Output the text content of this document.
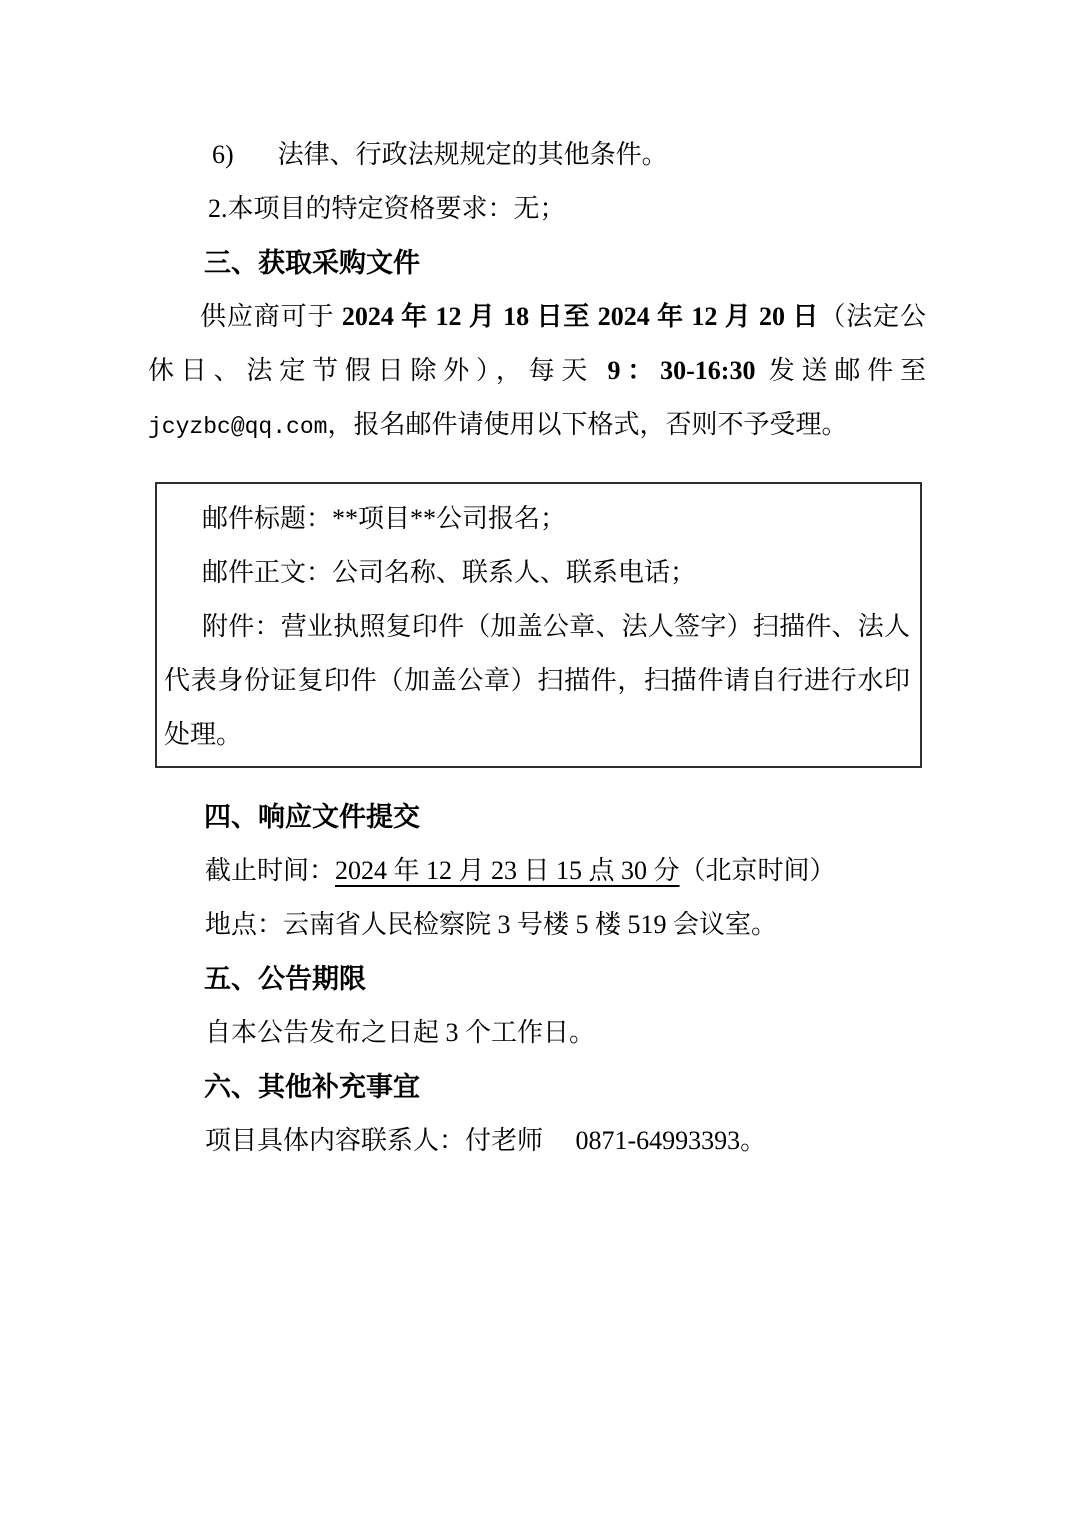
6) 法律、行政法规规定的其他条件。

2.本项目的特定资格要求：无；

三、获取采购文件

供应商可于 2024 年 12 月 18 日至 2024 年 12 月 20 日（法定公休日、法定节假日除外），每天 9：30-16:30 发送邮件至 jcyzbc@qq.com，报名邮件请使用以下格式，否则不予受理。

邮件标题：**项目**公司报名；

邮件正文：公司名称、联系人、联系电话；

附件：营业执照复印件（加盖公章、法人签字）扫描件、法人代表身份证复印件（加盖公章）扫描件，扫描件请自行进行水印处理。

四、响应文件提交

截止时间：2024 年 12 月 23 日 15 点 30 分（北京时间）

地点：云南省人民检察院 3 号楼 5 楼 519 会议室。

五、公告期限

自本公告发布之日起 3 个工作日。

六、其他补充事宜

项目具体内容联系人：付老师　 0871-64993393。
